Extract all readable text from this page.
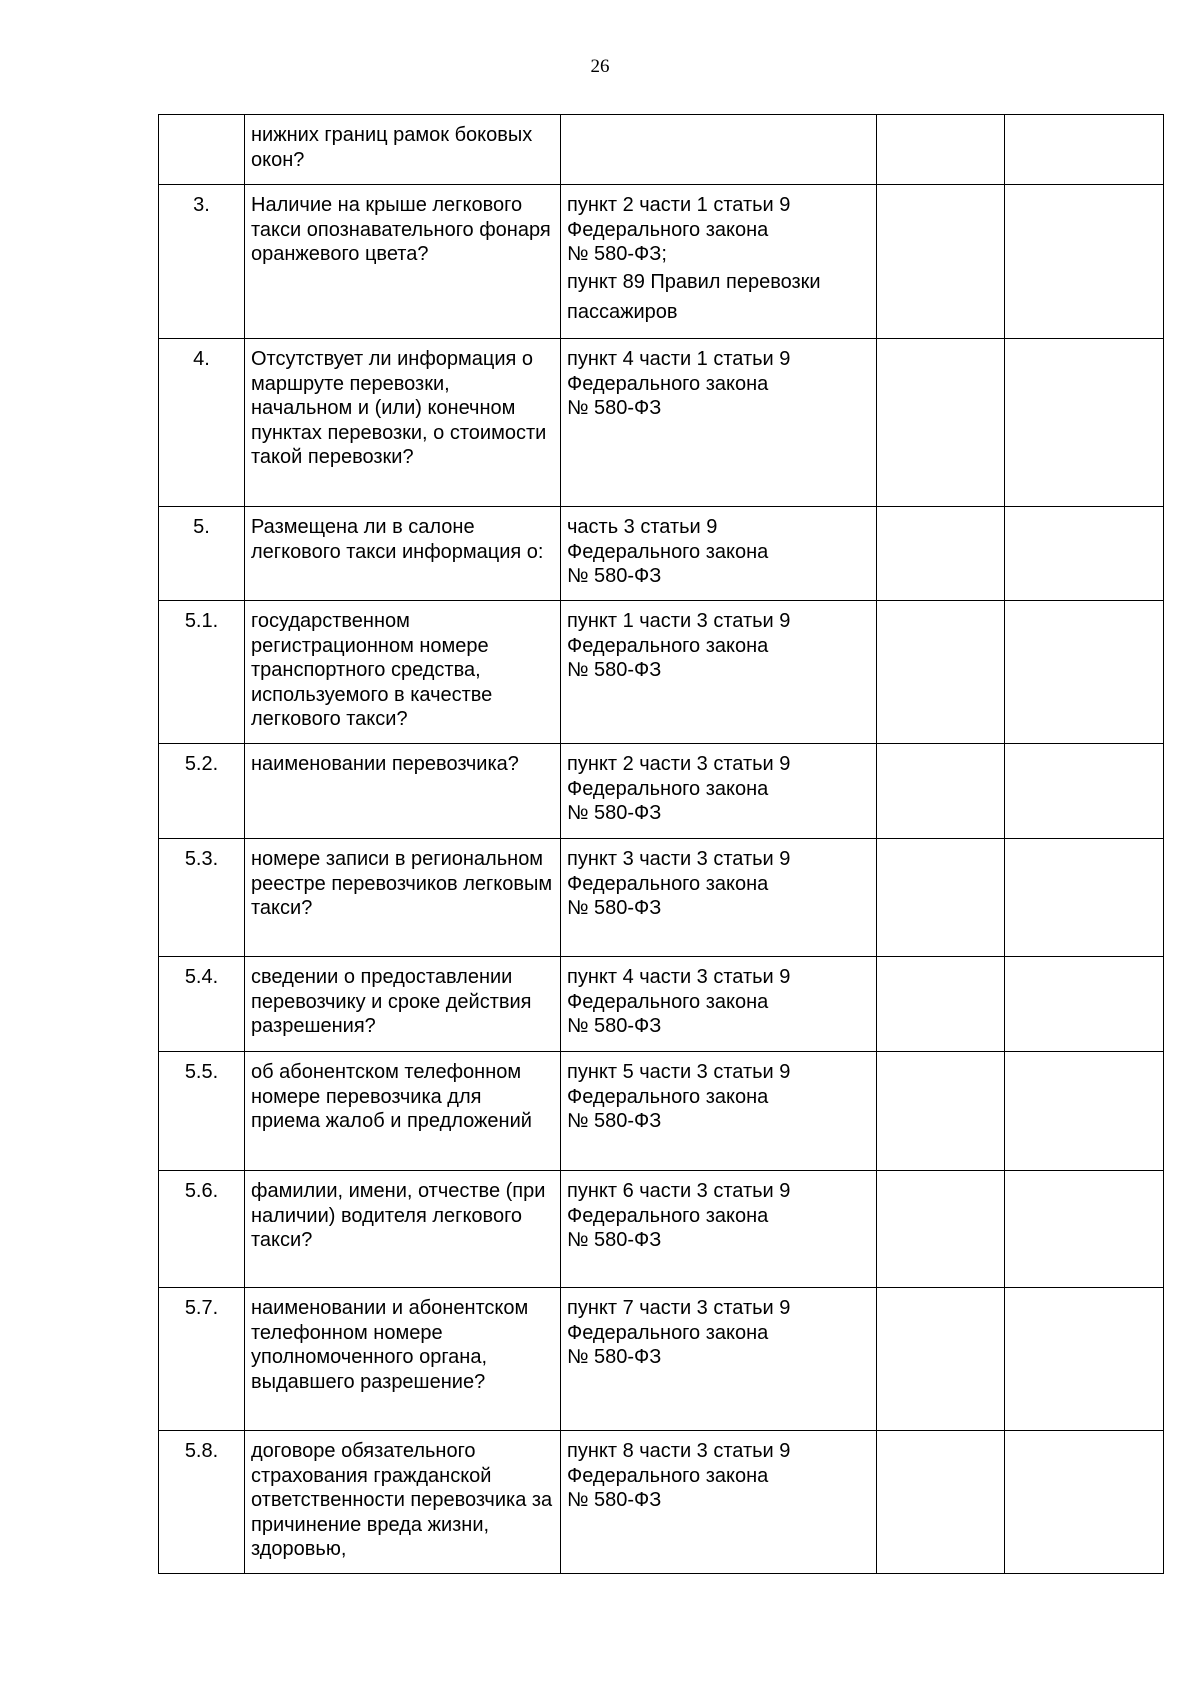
26
	нижних границ рамок боковых окон?			
3.	Наличие на крыше легкового такси опознавательного фонаря оранжевого цвета?	пункт 2 части 1 статьи 9
Федерального закона
№ 580-ФЗ;
пункт 89 Правил перевозки
пассажиров		

4.	Отсутствует ли информация о маршруте перевозки, начальном и (или) конечном пунктах перевозки, о стоимости такой перевозки?	пункт 4 части 1 статьи 9
Федерального закона
№ 580-ФЗ		

5.	Размещена ли в салоне легкового такси информация о:	часть 3 статьи 9
Федерального закона
№ 580-ФЗ		

5.1.	государственном регистрационном номере транспортного средства, используемого в качестве легкового такси?	пункт 1 части 3 статьи 9
Федерального закона
№ 580-ФЗ		

5.2.	наименовании перевозчика?	пункт 2 части 3 статьи 9
Федерального закона
№ 580-ФЗ		

5.3.	номере записи в региональном реестре перевозчиков легковым такси?	пункт 3 части 3 статьи 9
Федерального закона
№ 580-ФЗ		

5.4.	сведении о предоставлении перевозчику и сроке действия разрешения?	пункт 4 части 3 статьи 9
Федерального закона
№ 580-ФЗ		

5.5.	об абонентском телефонном номере перевозчика для приема жалоб и предложений	пункт 5 части 3 статьи 9
Федерального закона
№ 580-ФЗ		

5.6.	фамилии, имени, отчестве (при наличии) водителя легкового такси?	пункт 6 части 3 статьи 9
Федерального закона
№ 580-ФЗ		

5.7.	наименовании и абонентском телефонном номере уполномоченного органа, выдавшего разрешение?	пункт 7 части 3 статьи 9
Федерального закона
№ 580-ФЗ		

5.8.	договоре обязательного страхования гражданской ответственности перевозчика за причинение вреда жизни, здоровью,	пункт 8 части 3 статьи 9
Федерального закона
№ 580-ФЗ		
